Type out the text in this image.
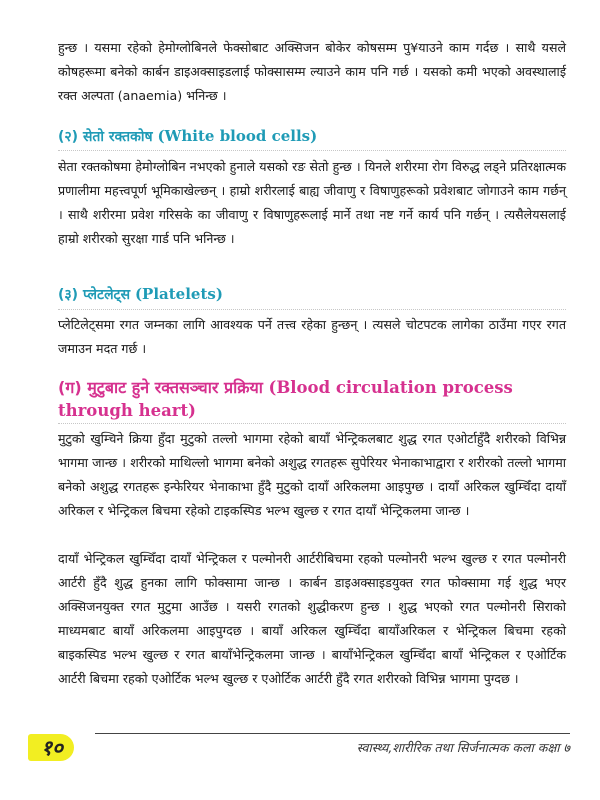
हुन्छ । यसमा रहेको हेमोग्लोबिनले फेक्सोबाट अक्सिजन बोकेर कोषसम्म पु¥याउने काम गर्दछ । साथै यसले कोषहरूमा बनेको कार्बन डाइअक्साइडलाई फोक्सासम्म ल्याउने काम पनि गर्छ । यसको कमी भएको अवस्थालाई रक्त अल्पता (anaemia) भनिन्छ ।

(२) सेतो रक्तकोष (White blood cells)

सेता रक्तकोषमा हेमोग्लोबिन नभएको हुनाले यसको रङ सेतो हुन्छ । यिनले शरीरमा रोग विरुद्ध लड्ने प्रतिरक्षात्मक प्रणालीमा महत्त्वपूर्ण भूमिकाखेल्छन् । हाम्रो शरीरलाई बाह्य जीवाणु र विषाणुहरूको प्रवेशबाट जोगाउने काम गर्छन् । साथै शरीरमा प्रवेश गरिसके का जीवाणु र विषाणुहरूलाई मार्ने तथा नष्ट गर्ने कार्य पनि गर्छन् । त्यसैलेयसलाई हाम्रो शरीरको सुरक्षा गार्ड पनि भनिन्छ ।

(३) प्लेटलेट्स (Platelets)

प्लेटिलेट्समा रगत जम्नका लागि आवश्यक पर्ने तत्त्व रहेका हुन्छन् । त्यसले चोटपटक लागेका ठाउँमा गएर रगत जमाउन मदत गर्छ ।

(ग) मुटुबाट हुने रक्तसञ्चार प्रक्रिया (Blood circulation process through heart)

मुटुको खुम्चिने क्रिया हुँदा मुटुको तल्लो भागमा रहेको बायाँ भेन्ट्रिकलबाट शुद्ध रगत एओर्टाहुँदै शरीरको विभिन्न भागमा जान्छ । शरीरको माथिल्लो भागमा बनेको अशुद्ध रगतहरू सुपेरियर भेनाकाभाद्वारा र शरीरको तल्लो भागमा बनेको अशुद्ध रगतहरू इन्फेरियर भेनाकाभा हुँदै मुटुको दायाँ अरिकलमा आइपुग्छ । दायाँ अरिकल खुम्चिँदा दायाँ अरिकल र भेन्ट्रिकल बिचमा रहेको टाइकस्पिड भल्भ खुल्छ र रगत दायाँ भेन्ट्रिकलमा जान्छ ।

दायाँ भेन्ट्रिकल खुम्चिँदा दायाँ भेन्ट्रिकल र पल्मोनरी आर्टरीबिचमा रहको पल्मोनरी भल्भ खुल्छ र रगत पल्मोनरी आर्टरी हुँदै शुद्ध हुनका लागि फोक्सामा जान्छ । कार्बन डाइअक्साइडयुक्त रगत फोक्सामा गई शुद्ध भएर अक्सिजनयुक्त रगत मुटुमा आउँछ । यसरी रगतको शुद्धीकरण हुन्छ । शुद्ध भएको रगत पल्मोनरी सिराको माध्यमबाट बायाँ अरिकलमा आइपुग्दछ । बायाँ अरिकल खुम्चिँदा बायाँअरिकल र भेन्ट्रिकल बिचमा रहको बाइकस्पिड भल्भ खुल्छ र रगत बायाँभेन्ट्रिकलमा जान्छ । बायाँभेन्ट्रिकल खुम्चिँदा बायाँ भेन्ट्रिकल र एओर्टिक आर्टरी बिचमा रहको एओर्टिक भल्भ खुल्छ र एओर्टिक आर्टरी हुँदै रगत शरीरको विभिन्न भागमा पुग्दछ ।

१०	स्वास्थ्य,शारीरिक तथा सिर्जनात्मक कला कक्षा ७
